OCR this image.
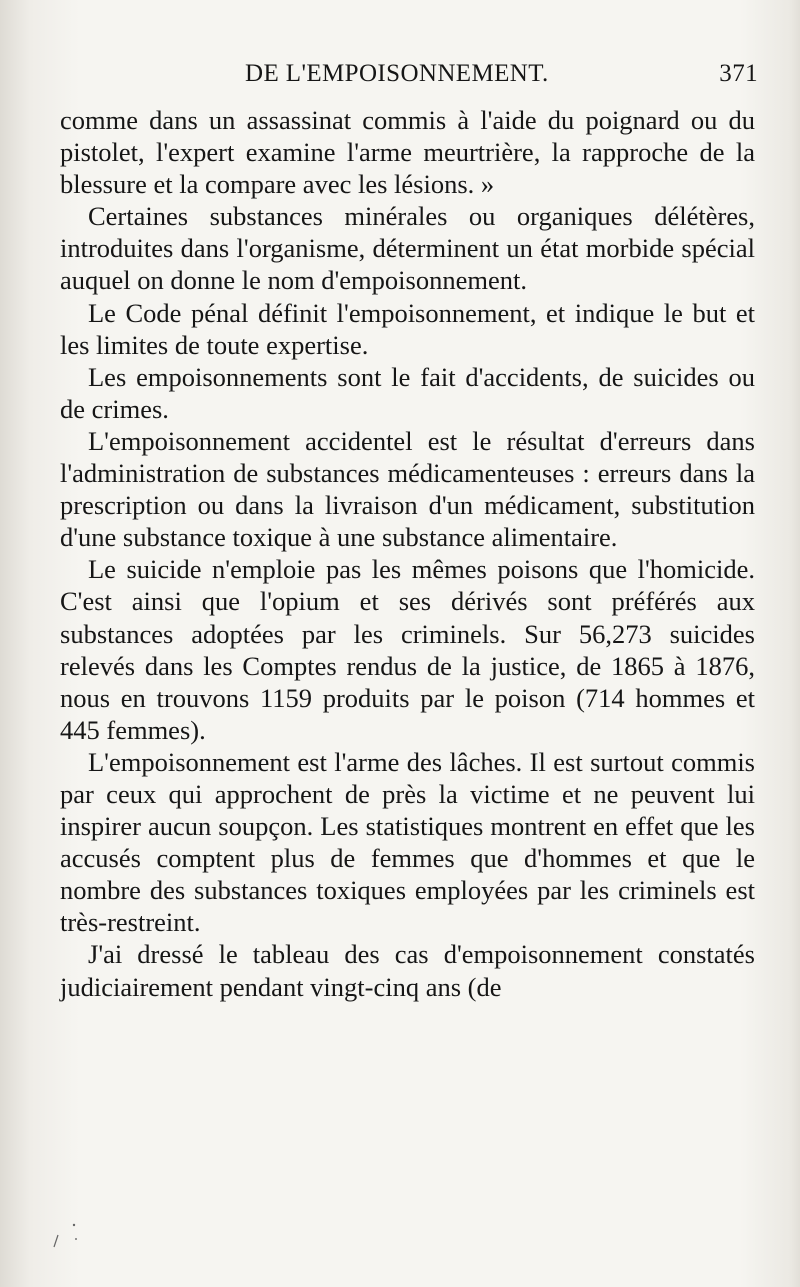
DE L'EMPOISONNEMENT.	371

comme dans un assassinat commis à l'aide du poignard ou du pistolet, l'expert examine l'arme meurtrière, la rapproche de la blessure et la compare avec les lésions. »

Certaines substances minérales ou organiques délétères, introduites dans l'organisme, déterminent un état morbide spécial auquel on donne le nom d'empoisonnement.

Le Code pénal définit l'empoisonnement, et indique le but et les limites de toute expertise.

Les empoisonnements sont le fait d'accidents, de suicides ou de crimes.

L'empoisonnement accidentel est le résultat d'erreurs dans l'administration de substances médicamenteuses : erreurs dans la prescription ou dans la livraison d'un médicament, substitution d'une substance toxique à une substance alimentaire.

Le suicide n'emploie pas les mêmes poisons que l'homicide. C'est ainsi que l'opium et ses dérivés sont préférés aux substances adoptées par les criminels. Sur 56,273 suicides relevés dans les Comptes rendus de la justice, de 1865 à 1876, nous en trouvons 1159 produits par le poison (714 hommes et 445 femmes).

L'empoisonnement est l'arme des lâches. Il est surtout commis par ceux qui approchent de près la victime et ne peuvent lui inspirer aucun soupçon. Les statistiques montrent en effet que les accusés comptent plus de femmes que d'hommes et que le nombre des substances toxiques employées par les criminels est très-restreint.

J'ai dressé le tableau des cas d'empoisonnement constatés judiciairement pendant vingt-cinq ans (de
